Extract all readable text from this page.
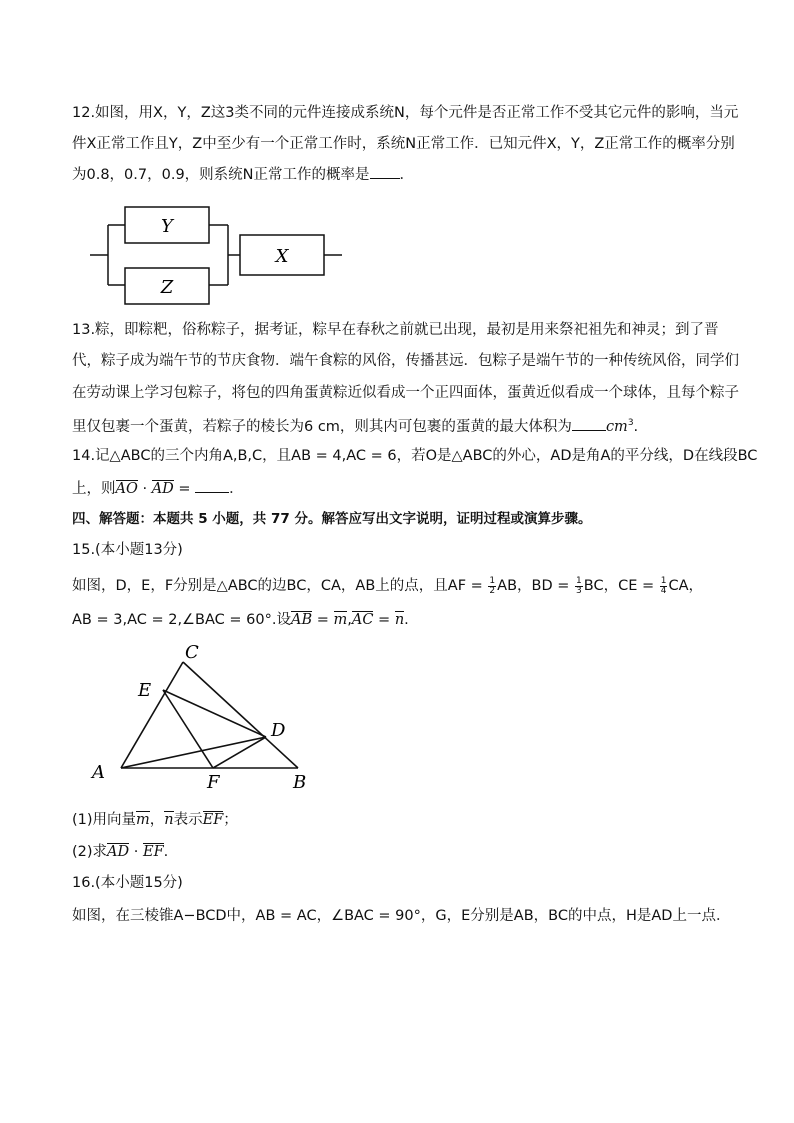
12.如图，用X，Y，Z这3类不同的元件连接成系统N，每个元件是否正常工作不受其它元件的影响，当元
件X正常工作且Y，Z中至少有一个正常工作时，系统N正常工作．已知元件X，Y，Z正常工作的概率分别
为0.8，0.7，0.9，则系统N正常工作的概率是 ．
Y
Z
X
13.粽，即粽粑，俗称粽子，据考证，粽早在春秋之前就已出现，最初是用来祭祀祖先和神灵；到了晋
代，粽子成为端午节的节庆食物．端午食粽的风俗，传播甚远．包粽子是端午节的一种传统风俗，同学们
在劳动课上学习包粽子，将包的四角蛋黄粽近似看成一个正四面体，蛋黄近似看成一个球体，且每个粽子
里仅包裹一个蛋黄，若粽子的棱长为6 cm，则其内可包裹的蛋黄的最大体积为 $cm^3$.
14.记△ABC的三个内角A,B,C，且AB = 4,AC = 6，若O是△ABC的外心，AD是角A的平分线，D在线段BC
上，则AO · AD = ．
四、解答题：本题共 5 小题，共 77 分。解答应写出文字说明，证明过程或演算步骤。
15.(本小题13分)
如图，D，E，F分别是△ABC的边BC，CA，AB上的点，且AF = $\frac{1}{2}$ AB，BD = $\frac{1}{3}$ BC，CE = $\frac{1}{4}$ CA，
AB = 3,AC = 2,∠BAC = 60°.设AB = m,AC = n.
C
E
D
A	F	B
(1)用向量m，n表示EF；
(2)求AD · EF.
16.(本小题15分)
如图，在三棱锥A−BCD中，AB = AC，∠BAC = 90°，G，E分别是AB，BC的中点，H是AD上一点．
